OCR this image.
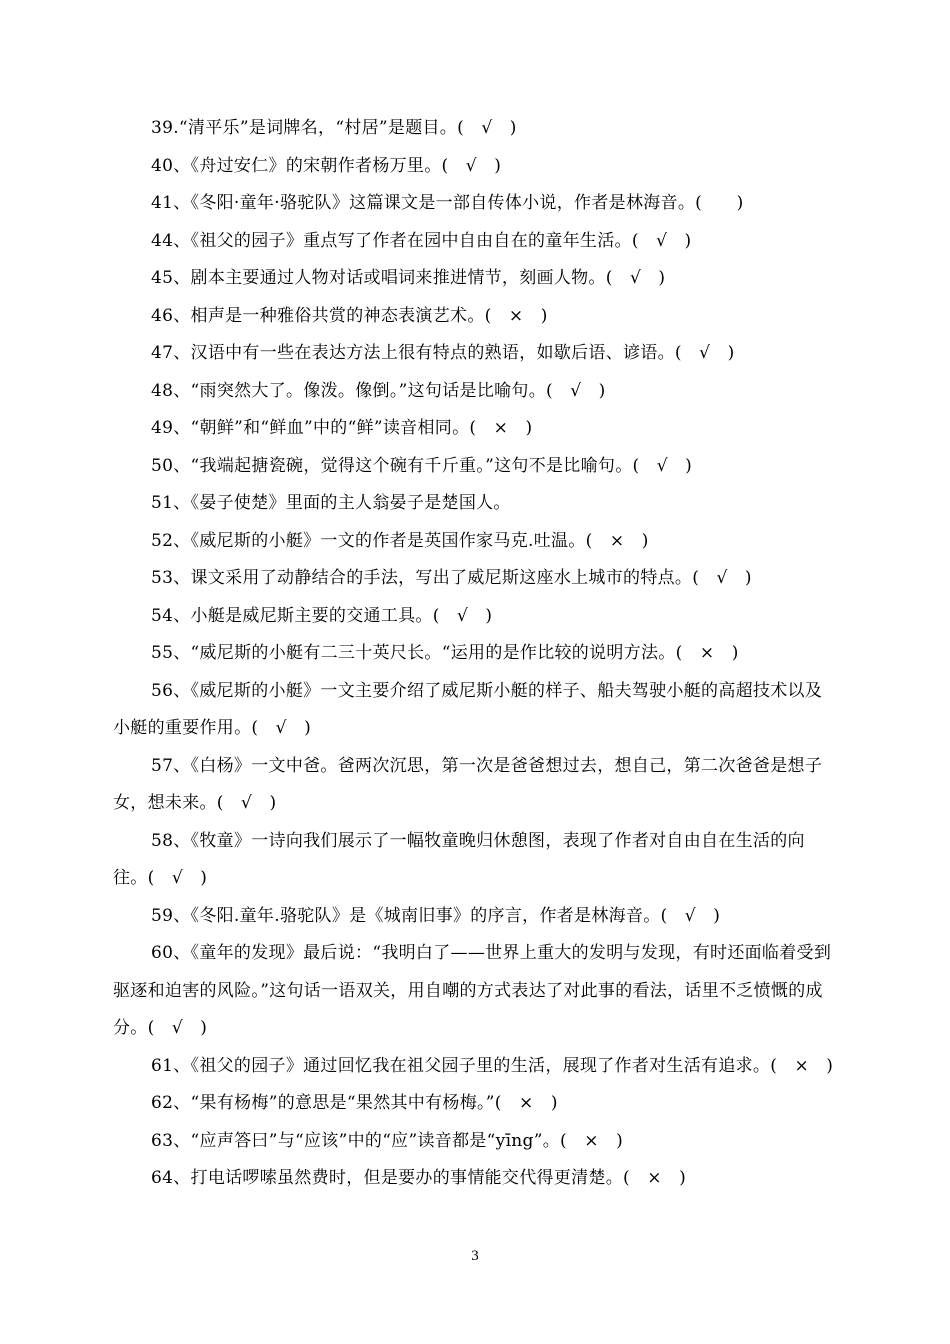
39.“清平乐”是词牌名，“村居”是题目。(　√　)

40、《舟过安仁》的宋朝作者杨万里。(　√　)

41、《冬阳·童年·骆驼队》这篇课文是一部自传体小说，作者是林海音。(　　)

44、《祖父的园子》重点写了作者在园中自由自在的童年生活。(　√　)

45、剧本主要通过人物对话或唱词来推进情节，刻画人物。(　√　)

46、相声是一种雅俗共赏的神态表演艺术。(　×　)

47、汉语中有一些在表达方法上很有特点的熟语，如歇后语、谚语。(　√　)

48、“雨突然大了。像泼。像倒。”这句话是比喻句。(　√　)

49、“朝鲜”和“鲜血”中的“鲜”读音相同。(　×　)

50、“我端起搪瓷碗，觉得这个碗有千斤重。”这句不是比喻句。(　√　)

51、《晏子使楚》里面的主人翁晏子是楚国人。

52、《威尼斯的小艇》一文的作者是英国作家马克.吐温。(　×　)

53、课文采用了动静结合的手法，写出了威尼斯这座水上城市的特点。(　√　)

54、小艇是威尼斯主要的交通工具。(　√　)

55、“威尼斯的小艇有二三十英尺长。“运用的是作比较的说明方法。(　×　)

56、《威尼斯的小艇》一文主要介绍了威尼斯小艇的样子、船夫驾驶小艇的高超技术以及小艇的重要作用。(　√　)

57、《白杨》一文中爸。爸两次沉思，第一次是爸爸想过去，想自己，第二次爸爸是想子女，想未来。(　√　)

58、《牧童》一诗向我们展示了一幅牧童晚归休憩图，表现了作者对自由自在生活的向往。(　√　)

59、《冬阳.童年.骆驼队》是《城南旧事》的序言，作者是林海音。(　√　)

60、《童年的发现》最后说：“我明白了——世界上重大的发明与发现，有时还面临着受到驱逐和迫害的风险。”这句话一语双关，用自嘲的方式表达了对此事的看法，话里不乏愤慨的成分。(　√　)

61、《祖父的园子》通过回忆我在祖父园子里的生活，展现了作者对生活有追求。(　×　)

62、“果有杨梅”的意思是“果然其中有杨梅。”(　×　)

63、“应声答曰”与“应该”中的“应”读音都是“yīng”。(　×　)

64、打电话啰嗦虽然费时，但是要办的事情能交代得更清楚。(　×　)

3
